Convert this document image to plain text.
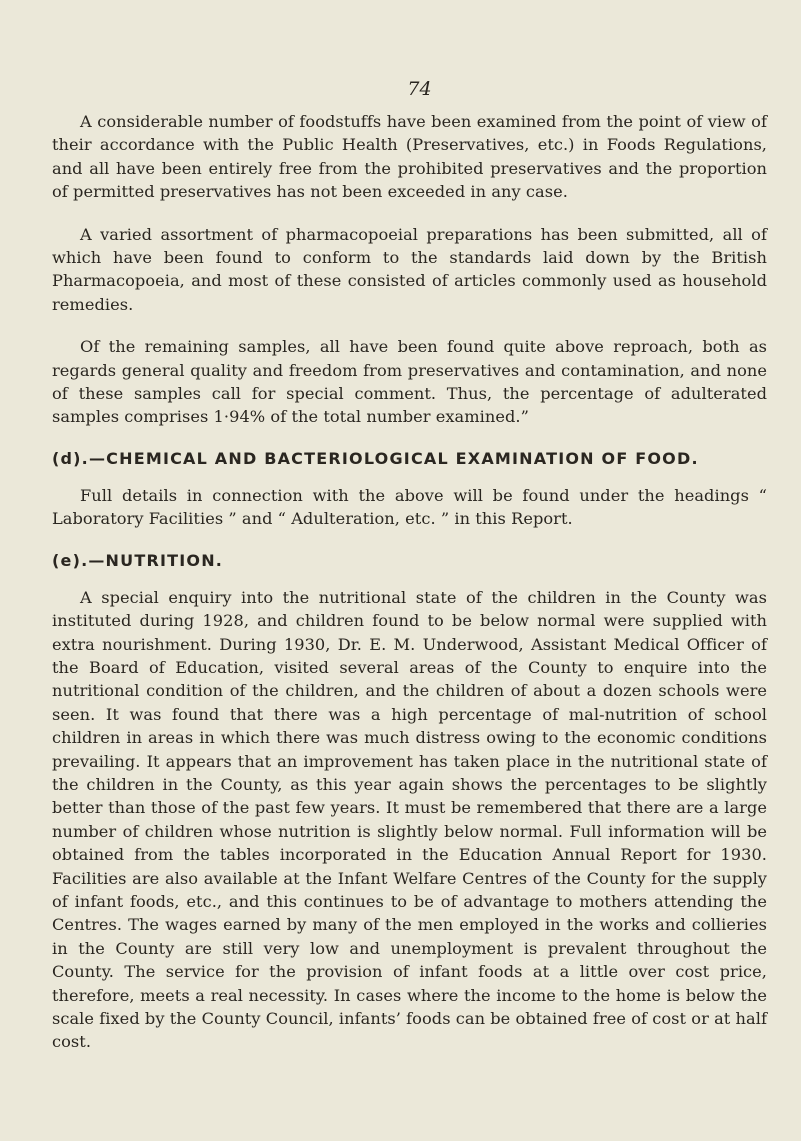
74

A considerable number of foodstuffs have been examined from the point of view of their accordance with the Public Health (Preservatives, etc.) in Foods Regulations, and all have been entirely free from the prohibited preservatives and the proportion of permitted preservatives has not been exceeded in any case.

A varied assortment of pharmacopoeial preparations has been submitted, all of which have been found to conform to the standards laid down by the British Pharmacopoeia, and most of these consisted of articles commonly used as household remedies.

Of the remaining samples, all have been found quite above reproach, both as regards general quality and freedom from preservatives and contamination, and none of these samples call for special comment. Thus, the percentage of adulterated samples comprises 1·94% of the total number examined.”

(d).—CHEMICAL AND BACTERIOLOGICAL EXAMINATION OF FOOD.

Full details in connection with the above will be found under the headings “ Laboratory Facilities ” and “ Adulteration, etc. ” in this Report.

(e).—NUTRITION.

A special enquiry into the nutritional state of the children in the County was instituted during 1928, and children found to be below normal were supplied with extra nourishment. During 1930, Dr. E. M. Underwood, Assistant Medical Officer of the Board of Education, visited several areas of the County to enquire into the nutritional condition of the children, and the children of about a dozen schools were seen. It was found that there was a high percentage of mal-nutrition of school children in areas in which there was much distress owing to the economic conditions prevailing. It appears that an improvement has taken place in the nutritional state of the children in the County, as this year again shows the percentages to be slightly better than those of the past few years. It must be remembered that there are a large number of children whose nutrition is slightly below normal. Full information will be obtained from the tables incorporated in the Education Annual Report for 1930. Facilities are also available at the Infant Welfare Centres of the County for the supply of infant foods, etc., and this continues to be of advantage to mothers attending the Centres. The wages earned by many of the men employed in the works and collieries in the County are still very low and unemployment is prevalent throughout the County. The service for the provision of infant foods at a little over cost price, therefore, meets a real necessity. In cases where the income to the home is below the scale fixed by the County Council, infants’ foods can be obtained free of cost or at half cost.
